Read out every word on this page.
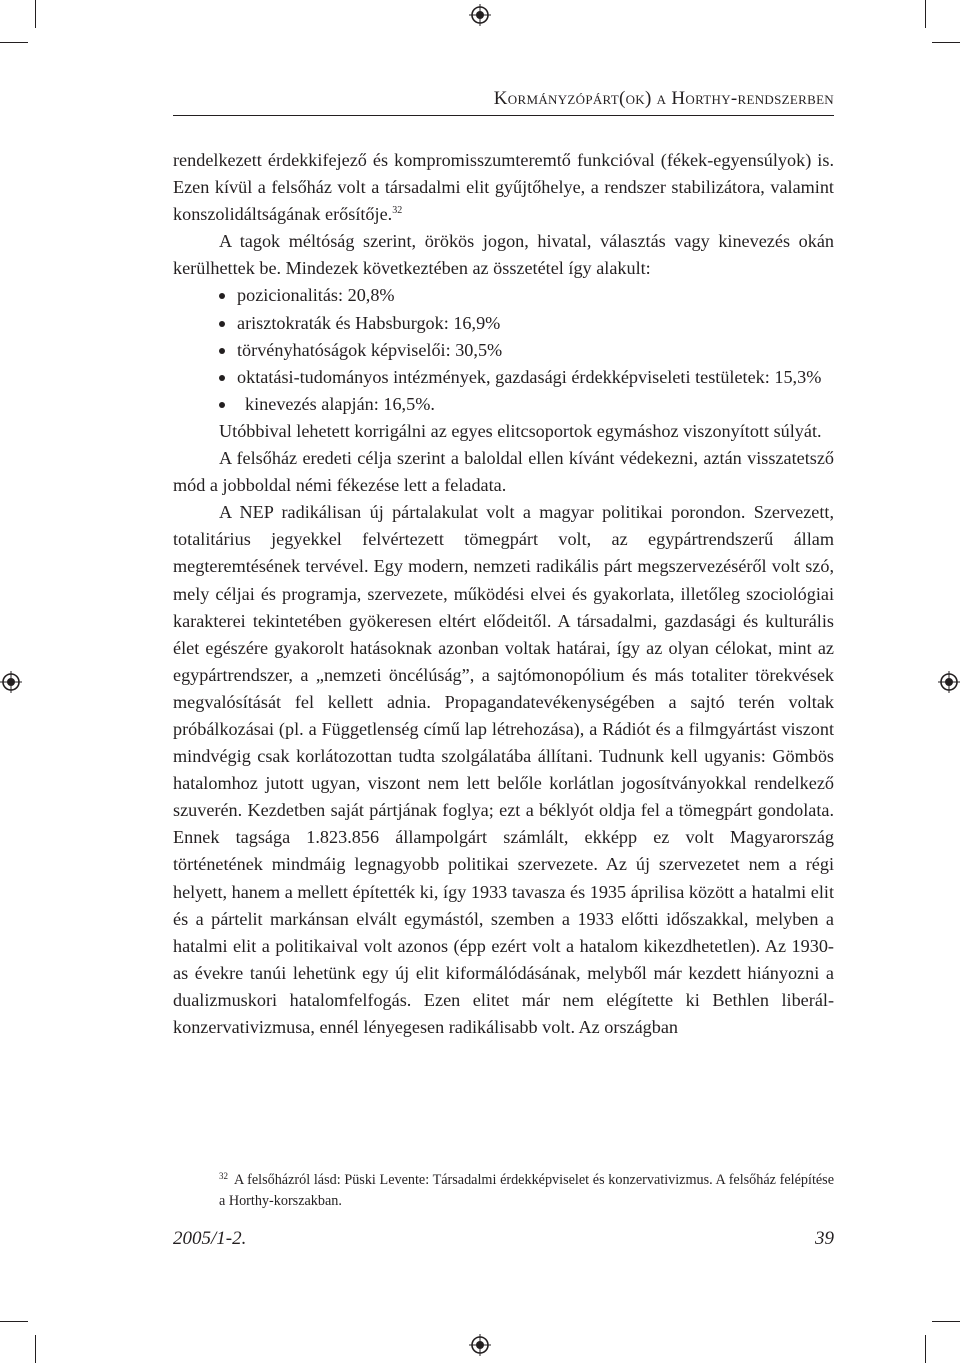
Kormányzópárt(ok) a Horthy-rendszerben

rendelkezett érdekkifejező és kompromisszumteremtő funkcióval (fékek-egyensúlyok) is. Ezen kívül a felsőház volt a társadalmi elit gyűjtőhelye, a rendszer stabilizátora, valamint konszolidáltságának erősítője.$^{32}$

A tagok méltóság szerint, örökös jogon, hivatal, választás vagy kinevezés okán kerülhettek be. Mindezek következtében az összetétel így alakult:

pozicionalitás: 20,8%
arisztokraták és Habsburgok: 16,9%
törvényhatóságok képviselői: 30,5%
oktatási-tudományos intézmények, gazdasági érdekképviseleti testületek: 15,3%
kinevezés alapján: 16,5%.

Utóbbival lehetett korrigálni az egyes elitcsoportok egymáshoz viszonyított súlyát.

A felsőház eredeti célja szerint a baloldal ellen kívánt védekezni, aztán visszatetsző mód a jobboldal némi fékezése lett a feladata.

A NEP radikálisan új pártalakulat volt a magyar politikai porondon. Szervezett, totalitárius jegyekkel felvértezett tömegpárt volt, az egypártrendszerű állam megteremtésének tervével. Egy modern, nemzeti radikális párt megszervezéséről volt szó, mely céljai és programja, szervezete, működési elvei és gyakorlata, illetőleg szociológiai karakterei tekintetében gyökeresen eltért elődeitől. A társadalmi, gazdasági és kulturális élet egészére gyakorolt hatásoknak azonban voltak határai, így az olyan célokat, mint az egypártrendszer, a „nemzeti öncélúság”, a sajtómonopólium és más totaliter törekvések megvalósítását fel kellett adnia. Propagandatevékenységében a sajtó terén voltak próbálkozásai (pl. a Függetlenség című lap létrehozása), a Rádiót és a filmgyártást viszont mindvégig csak korlátozottan tudta szolgálatába állítani. Tudnunk kell ugyanis: Gömbös hatalomhoz jutott ugyan, viszont nem lett belőle korlátlan jogosítványokkal rendelkező szuverén. Kezdetben saját pártjának foglya; ezt a béklyót oldja fel a tömegpárt gondolata. Ennek tagsága 1.823.856 állampolgárt számlált, ekképp ez volt Magyarország történetének mindmáig legnagyobb politikai szervezete. Az új szervezetet nem a régi helyett, hanem a mellett építették ki, így 1933 tavasza és 1935 áprilisa között a hatalmi elit és a pártelit markánsan elvált egymástól, szemben a 1933 előtti időszakkal, melyben a hatalmi elit a politikaival volt azonos (épp ezért volt a hatalom kikezdhetetlen). Az 1930-as évekre tanúi lehetünk egy új elit kiformálódásának, melyből már kezdett hiányozni a dualizmuskori hatalomfelfogás. Ezen elitet már nem elégítette ki Bethlen liberál-konzervativizmusa, ennél lényegesen radikálisabb volt. Az országban

$^{32}$ A felsőházról lásd: Püski Levente: Társadalmi érdekképviselet és konzervativizmus. A felsőház felépítése a Horthy-korszakban.
2005/1-2.	39
